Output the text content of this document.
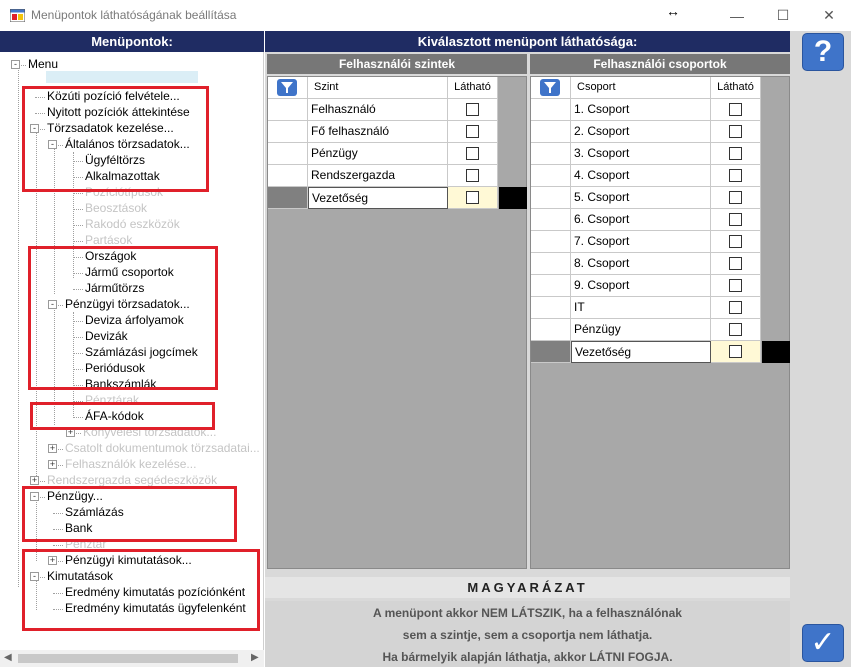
Menüpontok láthatóságának beállítása	↔	—	☐	✕
Menüpontok:
- Menu
Közúti pozíció felvétele...
Nyitott pozíciók áttekintése
- Törzsadatok kezelése...
- Általános törzsadatok...
Ügyféltörzs
Alkalmazottak
Pozíciótípusok
Beosztások
Rakodó eszközök
Partások
Országok
Jármű csoportok
Járműtörzs
- Pénzügyi törzsadatok...
Deviza árfolyamok
Devizák
Számlázási jogcímek
Periódusok
Bankszámlák
Pénztárak
ÁFA-kódok
+ Könyvelési törzsadatok...
+ Csatolt dokumentumok törzsadatai...
+ Felhasználók kezelése...
+ Rendszergazda segédeszközök
- Pénzügy...
Számlázás
Bank
Pénztár
+ Pénzügyi kimutatások...
- Kimutatások
Eredmény kimutatás pozíciónként
Eredmény kimutatás ügyfelenként
◀	▶
Kiválasztott menüpont láthatósága:
Felhasználói szintek	Felhasználói csoportok
Szint	Látható
Felhasználó
Fő felhasználó
Pénzügy
Rendszergazda
Vezetőség
Csoport	Látható
1. Csoport
2. Csoport
3. Csoport
4. Csoport
5. Csoport
6. Csoport
7. Csoport
8. Csoport
9. Csoport
IT
Pénzügy
Vezetőség
MAGYARÁZAT
A menüpont akkor NEM LÁTSZIK, ha a felhasználónak
sem a szintje, sem a csoportja nem láthatja.
Ha bármelyik alapján láthatja, akkor LÁTNI FOGJA.
?
✓
